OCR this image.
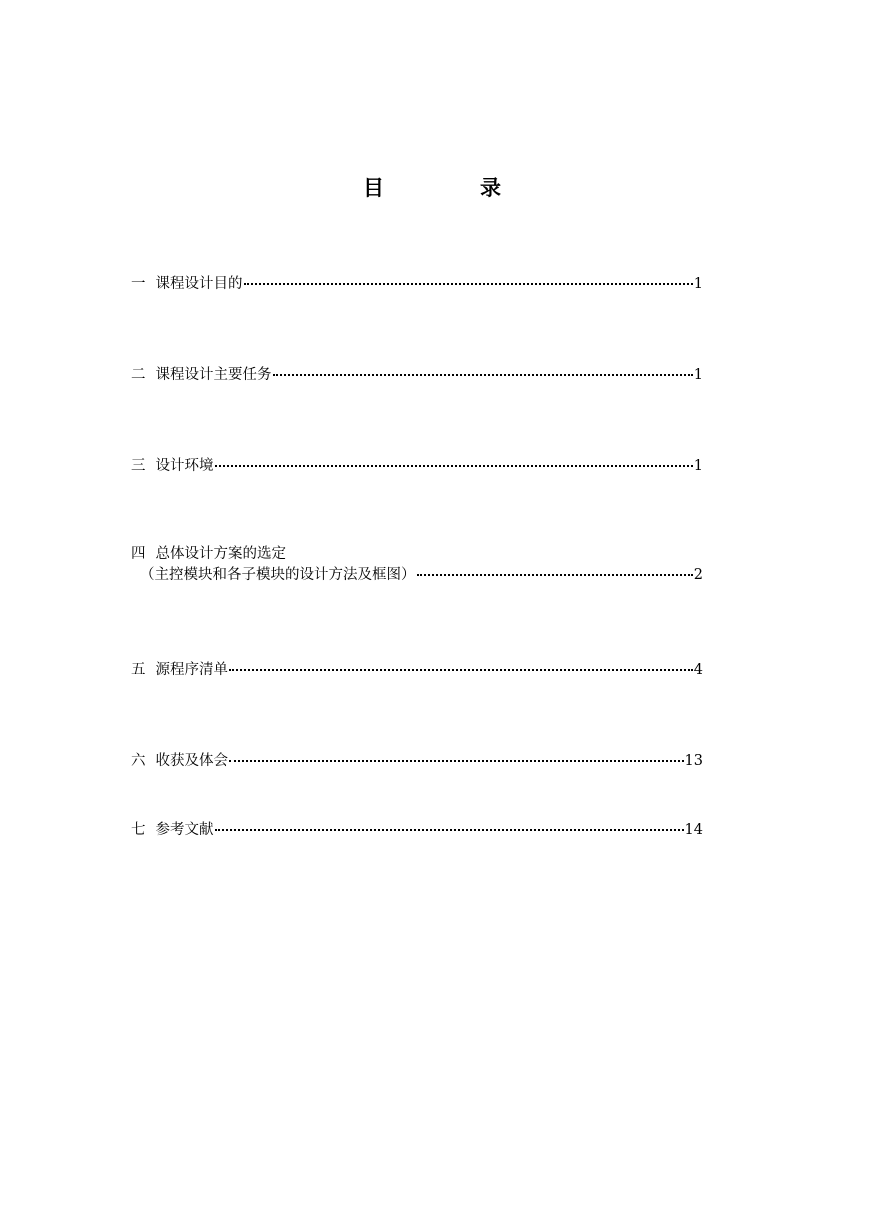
目	录
一 课程设计目的	1
二 课程设计主要任务	1
三 设计环境	1
四 总体设计方案的选定
（主控模块和各子模块的设计方法及框图）	2
五 源程序清单	4
六 收获及体会	13
七 参考文献	14
